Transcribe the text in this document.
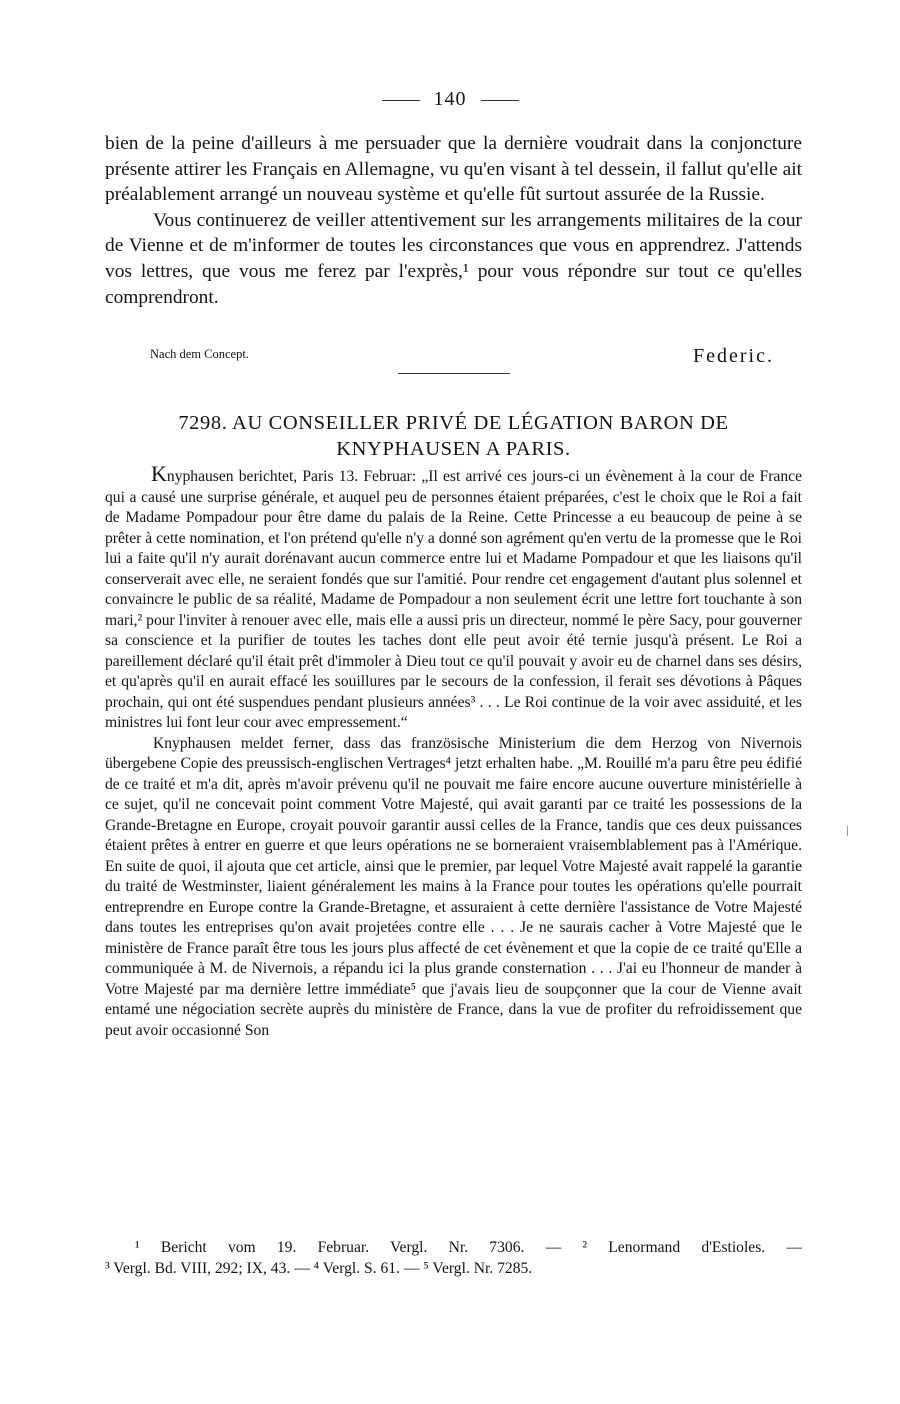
140

bien de la peine d'ailleurs à me persuader que la dernière voudrait dans la conjoncture présente attirer les Français en Allemagne, vu qu'en visant à tel dessein, il fallut qu'elle ait préalablement arrangé un nouveau système et qu'elle fût surtout assurée de la Russie.

Vous continuerez de veiller attentivement sur les arrangements militaires de la cour de Vienne et de m'informer de toutes les circonstances que vous en apprendrez. J'attends vos lettres, que vous me ferez par l'exprès,¹ pour vous répondre sur tout ce qu'elles comprendront.

Nach dem Concept.	Federic.
7298. AU CONSEILLER PRIVÉ DE LÉGATION BARON DE KNYPHAUSEN A PARIS.

Knyphausen berichtet, Paris 13. Februar: „Il est arrivé ces jours-ci un évènement à la cour de France qui a causé une surprise générale, et auquel peu de personnes étaient préparées, c'est le choix que le Roi a fait de Madame Pompadour pour être dame du palais de la Reine. Cette Princesse a eu beaucoup de peine à se prêter à cette nomination, et l'on prétend qu'elle n'y a donné son agrément qu'en vertu de la promesse que le Roi lui a faite qu'il n'y aurait dorénavant aucun commerce entre lui et Madame Pompadour et que les liaisons qu'il conserverait avec elle, ne seraient fondés que sur l'amitié. Pour rendre cet engagement d'autant plus solennel et convaincre le public de sa réalité, Madame de Pompadour a non seulement écrit une lettre fort touchante à son mari,² pour l'inviter à renouer avec elle, mais elle a aussi pris un directeur, nommé le père Sacy, pour gouverner sa conscience et la purifier de toutes les taches dont elle peut avoir été ternie jusqu'à présent. Le Roi a pareillement déclaré qu'il était prêt d'immoler à Dieu tout ce qu'il pouvait y avoir eu de charnel dans ses désirs, et qu'après qu'il en aurait effacé les souillures par le secours de la confession, il ferait ses dévotions à Pâques prochain, qui ont été suspendues pendant plusieurs années³ . . . Le Roi continue de la voir avec assiduité, et les ministres lui font leur cour avec empressement.“

Knyphausen meldet ferner, dass das französische Ministerium die dem Herzog von Nivernois übergebene Copie des preussisch-englischen Vertrages⁴ jetzt erhalten habe. „M. Rouillé m'a paru être peu édifié de ce traité et m'a dit, après m'avoir prévenu qu'il ne pouvait me faire encore aucune ouverture ministérielle à ce sujet, qu'il ne concevait point comment Votre Majesté, qui avait garanti par ce traité les possessions de la Grande-Bretagne en Europe, croyait pouvoir garantir aussi celles de la France, tandis que ces deux puissances étaient prêtes à entrer en guerre et que leurs opérations ne se borneraient vraisemblablement pas à l'Amérique. En suite de quoi, il ajouta que cet article, ainsi que le premier, par lequel Votre Majesté avait rappelé la garantie du traité de Westminster, liaient généralement les mains à la France pour toutes les opérations qu'elle pourrait entreprendre en Europe contre la Grande-Bretagne, et assuraient à cette dernière l'assistance de Votre Majesté dans toutes les entreprises qu'on avait projetées contre elle . . . Je ne saurais cacher à Votre Majesté que le ministère de France paraît être tous les jours plus affecté de cet évènement et que la copie de ce traité qu'Elle a communiquée à M. de Nivernois, a répandu ici la plus grande consternation . . . J'ai eu l'honneur de mander à Votre Majesté par ma dernière lettre immédiate⁵ que j'avais lieu de soupçonner que la cour de Vienne avait entamé une négociation secrète auprès du ministère de France, dans la vue de profiter du refroidissement que peut avoir occasionné Son

¹ Bericht vom 19. Februar. Vergl. Nr. 7306. — ² Lenormand d'Estioles. —
³ Vergl. Bd. VIII, 292; IX, 43. — ⁴ Vergl. S. 61. — ⁵ Vergl. Nr. 7285.
